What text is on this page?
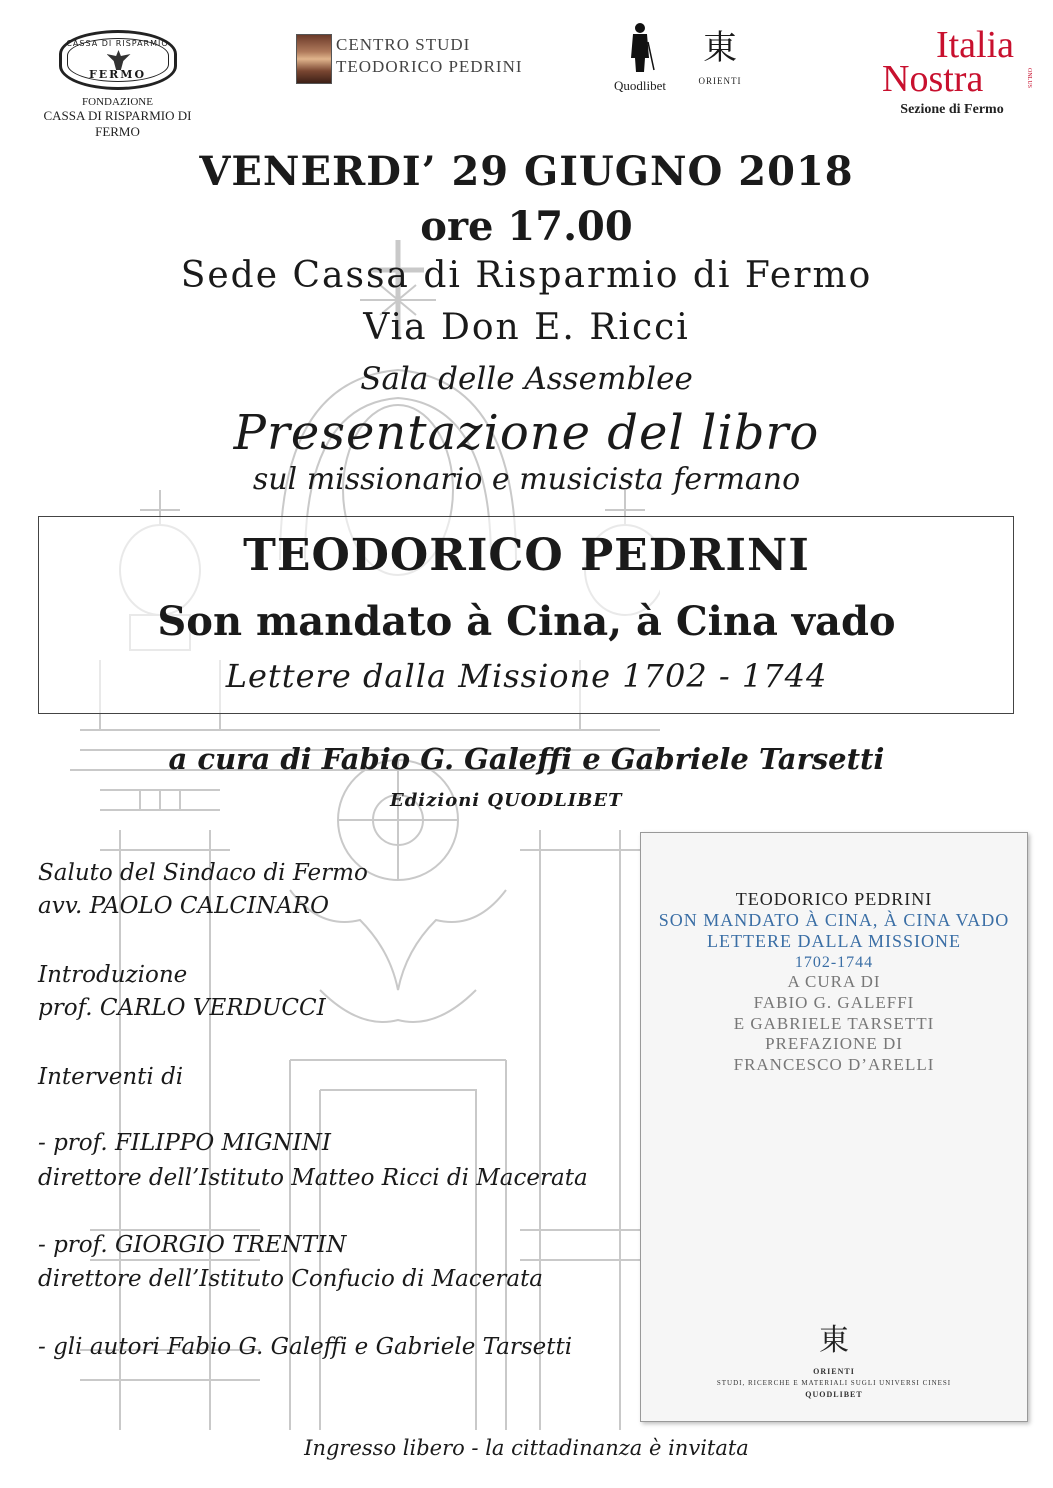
CASSA DI RISPARMIO
FERMO
FONDAZIONE
CASSA DI RISPARMIO DI FERMO
CENTRO STUDI
TEODORICO PEDRINI
Quodlibet
東
ORIENTI
Italia
Nostra	ONLUS
Sezione di Fermo
VENERDI’ 29 GIUGNO 2018
ore 17.00
Sede Cassa di Risparmio di Fermo
Via Don E. Ricci
Sala delle Assemblee
Presentazione del libro
sul missionario e musicista fermano
TEODORICO PEDRINI
Son mandato à Cina, à Cina vado
Lettere dalla Missione 1702 - 1744
a cura di Fabio G. Galeffi e Gabriele Tarsetti
Edizioni QUODLIBET
Saluto del Sindaco di Fermo
avv. PAOLO CALCINARO
Introduzione
prof. CARLO VERDUCCI
Interventi di
- prof. FILIPPO MIGNINI
direttore dell’Istituto Matteo Ricci di Macerata
- prof. GIORGIO TRENTIN
direttore dell’Istituto Confucio di Macerata
- gli autori Fabio G. Galeffi e Gabriele Tarsetti
TEODORICO PEDRINI
SON MANDATO À CINA, À CINA VADO
LETTERE DALLA MISSIONE
1702-1744
A CURA DI
FABIO G. GALEFFI
E GABRIELE TARSETTI
PREFAZIONE DI
FRANCESCO D’ARELLI
東
ORIENTI
STUDI, RICERCHE E MATERIALI SUGLI UNIVERSI CINESI
QUODLIBET
Ingresso libero - la cittadinanza è invitata
